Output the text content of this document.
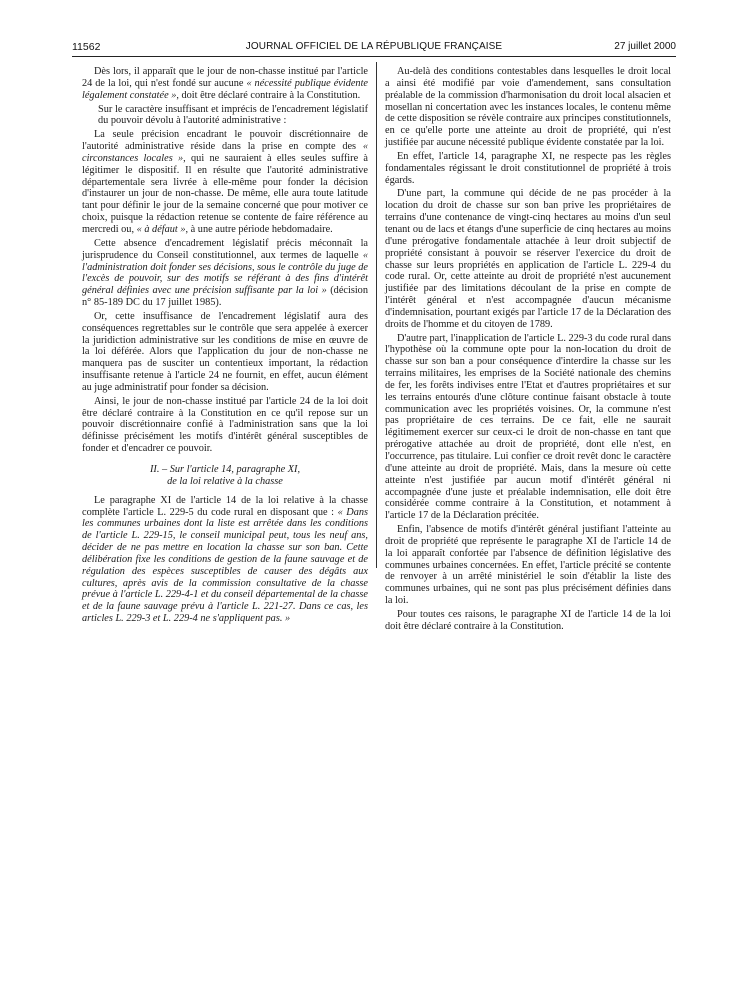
11562	JOURNAL OFFICIEL DE LA RÉPUBLIQUE FRANÇAISE	27 juillet 2000

Dès lors, il apparaît que le jour de non-chasse institué par l'article 24 de la loi, qui n'est fondé sur aucune « nécessité publique évidente légalement constatée », doit être déclaré contraire à la Constitution.

Sur le caractère insuffisant et imprécis de l'encadrement législatif du pouvoir dévolu à l'autorité administrative :

La seule précision encadrant le pouvoir discrétionnaire de l'autorité administrative réside dans la prise en compte des « circonstances locales », qui ne sauraient à elles seules suffire à légitimer le dispositif. Il en résulte que l'autorité administrative départementale sera livrée à elle-même pour fonder la décision d'instaurer un jour de non-chasse. De même, elle aura toute latitude tant pour définir le jour de la semaine concerné que pour motiver ce choix, puisque la rédaction retenue se contente de faire référence au mercredi ou, « à défaut », à une autre période hebdomadaire.

Cette absence d'encadrement législatif précis méconnaît la jurisprudence du Conseil constitutionnel, aux termes de laquelle « l'administration doit fonder ses décisions, sous le contrôle du juge de l'excès de pouvoir, sur des motifs se référant à des fins d'intérêt général définies avec une précision suffisante par la loi » (décision n° 85-189 DC du 17 juillet 1985).

Or, cette insuffisance de l'encadrement législatif aura des conséquences regrettables sur le contrôle que sera appelée à exercer la juridiction administrative sur les conditions de mise en œuvre de la loi déférée. Alors que l'application du jour de non-chasse ne manquera pas de susciter un contentieux important, la rédaction insuffisante retenue à l'article 24 ne fournit, en effet, aucun élément au juge administratif pour fonder sa décision.

Ainsi, le jour de non-chasse institué par l'article 24 de la loi doit être déclaré contraire à la Constitution en ce qu'il repose sur un pouvoir discrétionnaire confié à l'administration sans que la loi définisse précisément les motifs d'intérêt général susceptibles de fonder et d'encadrer ce pouvoir.

II. – Sur l'article 14, paragraphe XI,
de la loi relative à la chasse

Le paragraphe XI de l'article 14 de la loi relative à la chasse complète l'article L. 229-5 du code rural en disposant que : « Dans les communes urbaines dont la liste est arrêtée dans les conditions de l'article L. 229-15, le conseil municipal peut, tous les neuf ans, décider de ne pas mettre en location la chasse sur son ban. Cette délibération fixe les conditions de gestion de la faune sauvage et de régulation des espèces susceptibles de causer des dégâts aux cultures, après avis de la commission consultative de la chasse prévue à l'article L. 229-4-1 et du conseil départemental de la chasse et de la faune sauvage prévu à l'article L. 221-27. Dans ce cas, les articles L. 229-3 et L. 229-4 ne s'appliquent pas. »

Au-delà des conditions contestables dans lesquelles le droit local a ainsi été modifié par voie d'amendement, sans consultation préalable de la commission d'harmonisation du droit local alsacien et mosellan ni concertation avec les instances locales, le contenu même de cette disposition se révèle contraire aux principes constitutionnels, en ce qu'elle porte une atteinte au droit de propriété, qui n'est justifiée par aucune nécessité publique évidente constatée par la loi.

En effet, l'article 14, paragraphe XI, ne respecte pas les règles fondamentales régissant le droit constitutionnel de propriété à trois égards.

D'une part, la commune qui décide de ne pas procéder à la location du droit de chasse sur son ban prive les propriétaires de terrains d'une contenance de vingt-cinq hectares au moins d'un seul tenant ou de lacs et étangs d'une superficie de cinq hectares au moins d'une prérogative fondamentale attachée à leur droit subjectif de propriété consistant à pouvoir se réserver l'exercice du droit de chasse sur leurs propriétés en application de l'article L. 229-4 du code rural. Or, cette atteinte au droit de propriété n'est aucunement justifiée par des limitations découlant de la prise en compte de l'intérêt général et n'est accompagnée d'aucun mécanisme d'indemnisation, pourtant exigés par l'article 17 de la Déclaration des droits de l'homme et du citoyen de 1789.

D'autre part, l'inapplication de l'article L. 229-3 du code rural dans l'hypothèse où la commune opte pour la non-location du droit de chasse sur son ban a pour conséquence d'interdire la chasse sur les terrains militaires, les emprises de la Société nationale des chemins de fer, les forêts indivises entre l'Etat et d'autres propriétaires et sur les terrains entourés d'une clôture continue faisant obstacle à toute communication avec les propriétés voisines. Or, la commune n'est pas propriétaire de ces terrains. De ce fait, elle ne saurait légitimement exercer sur ceux-ci le droit de non-chasse en tant que prérogative attachée au droit de propriété, dont elle n'est, en l'occurrence, pas titulaire. Lui confier ce droit revêt donc le caractère d'une atteinte au droit de propriété. Mais, dans la mesure où cette atteinte n'est justifiée par aucun motif d'intérêt général ni accompagnée d'une juste et préalable indemnisation, elle doit être considérée comme contraire à la Constitution, et notamment à l'article 17 de la Déclaration précitée.

Enfin, l'absence de motifs d'intérêt général justifiant l'atteinte au droit de propriété que représente le paragraphe XI de l'article 14 de la loi apparaît confortée par l'absence de définition législative des communes urbaines concernées. En effet, l'article précité se contente de renvoyer à un arrêté ministériel le soin d'établir la liste des communes urbaines, qui ne sont pas plus précisément définies dans la loi.

Pour toutes ces raisons, le paragraphe XI de l'article 14 de la loi doit être déclaré contraire à la Constitution.
